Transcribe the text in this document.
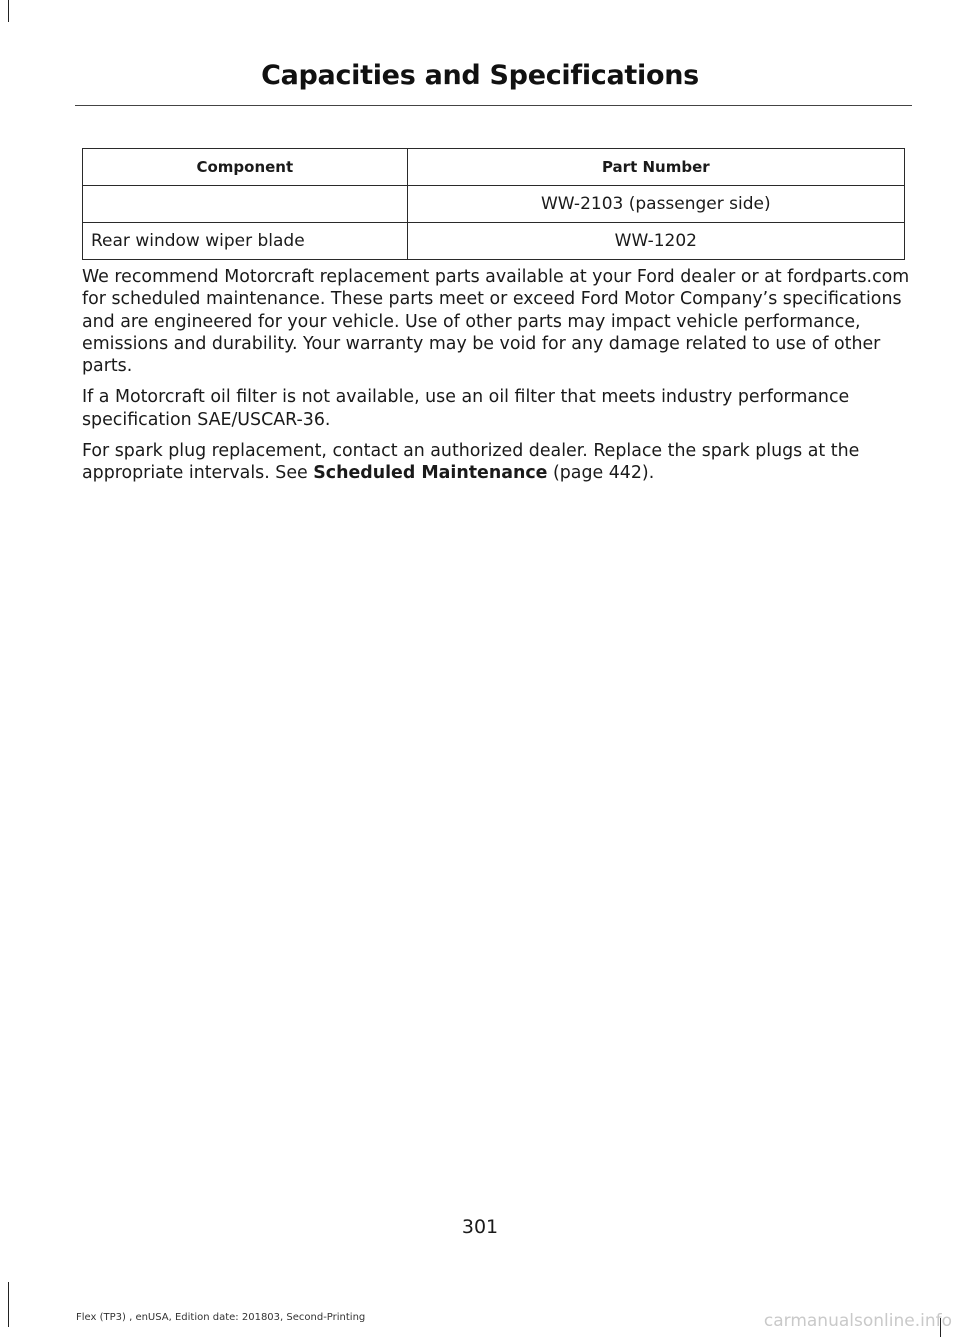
Capacities and Specifications
Component	Part Number
	WW-2103 (passenger side)
Rear window wiper blade	WW-1202

We recommend Motorcraft replacement parts available at your Ford dealer or at fordparts.com for scheduled maintenance. These parts meet or exceed Ford Motor Company’s specifications and are engineered for your vehicle. Use of other parts may impact vehicle performance, emissions and durability. Your warranty may be void for any damage related to use of other parts.

If a Motorcraft oil filter is not available, use an oil filter that meets industry performance specification SAE/USCAR-36.

For spark plug replacement, contact an authorized dealer. Replace the spark plugs at the appropriate intervals. See Scheduled Maintenance (page 442).

301
Flex (TP3) , enUSA, Edition date: 201803, Second-Printing	carmanualsonline.info
